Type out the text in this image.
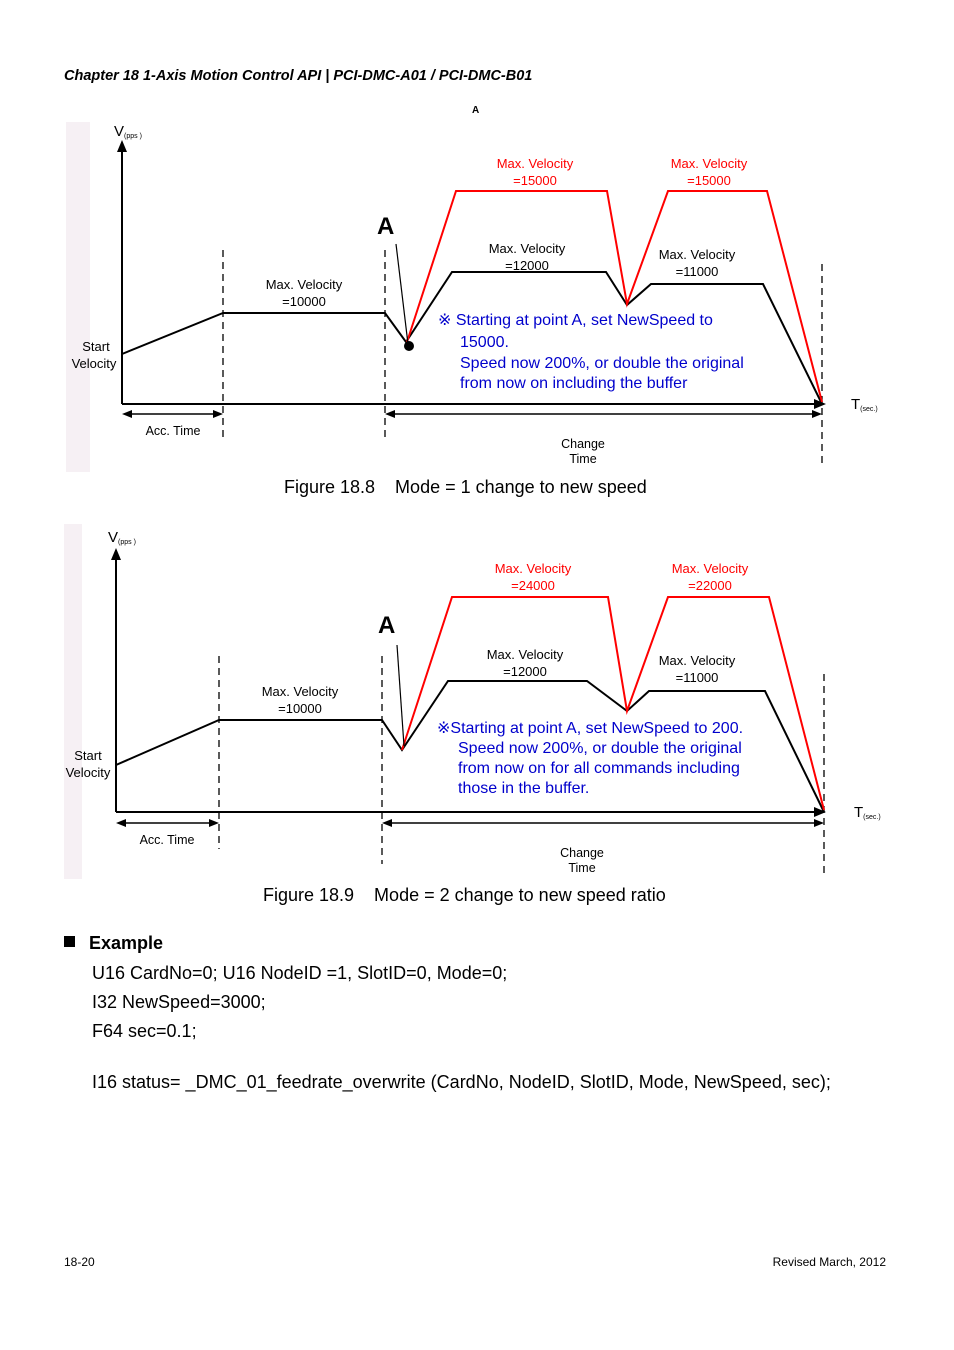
Chapter 18 1-Axis Motion Control API | PCI-DMC-A01 / PCI-DMC-B01
A
V(pps )
T(sec.)
A
Start
Velocity
Acc. Time
Change
Time
Max. Velocity
=10000
Max. Velocity
=12000
Max. Velocity
=11000
Max. Velocity
=15000
Max. Velocity
=15000
※ Starting at point A, set NewSpeed to
15000.
Speed now 200%, or double the original
from now on including the buffer
Figure 18.8    Mode = 1 change to new speed
V(pps )
T(sec.)
A
Start
Velocity
Acc. Time
Change
Time
Max. Velocity
=10000
Max. Velocity
=12000
Max. Velocity
=11000
Max. Velocity
=24000
Max. Velocity
=22000
※Starting at point A, set NewSpeed to 200.
Speed now 200%, or double the original
from now on for all commands including
those in the buffer.
Figure 18.9    Mode = 2 change to new speed ratio
Example
U16 CardNo=0; U16 NodeID =1, SlotID=0, Mode=0;
I32 NewSpeed=3000;
F64 sec=0.1;
I16 status= _DMC_01_feedrate_overwrite (CardNo, NodeID, SlotID, Mode, NewSpeed, sec);
18-20	Revised March, 2012
